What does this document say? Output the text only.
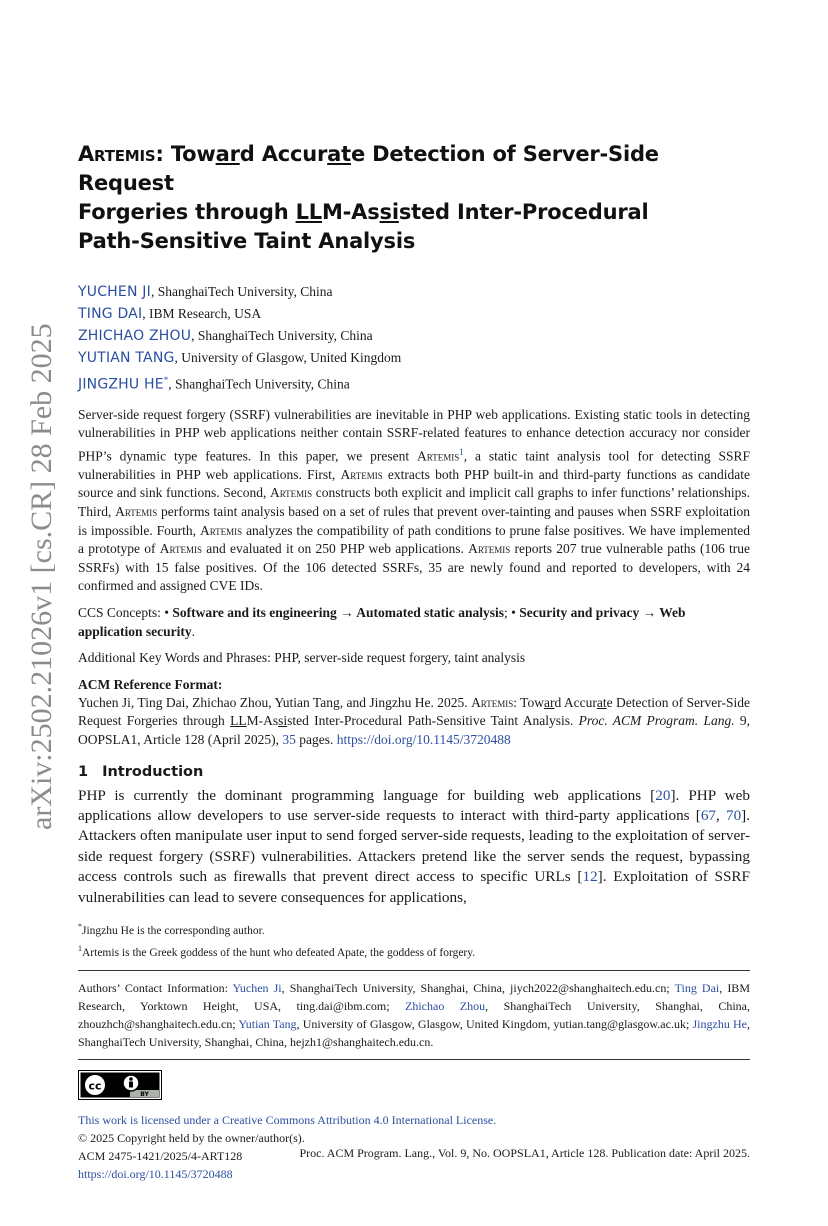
arXiv:2502.21026v1 [cs.CR] 28 Feb 2025
Artemis: Toward Accurate Detection of Server-Side Request
Forgeries through LLM-Assisted Inter-Procedural
Path-Sensitive Taint Analysis
YUCHEN JI, ShanghaiTech University, China
TING DAI, IBM Research, USA
ZHICHAO ZHOU, ShanghaiTech University, China
YUTIAN TANG, University of Glasgow, United Kingdom
JINGZHU HE*, ShanghaiTech University, China

Server-side request forgery (SSRF) vulnerabilities are inevitable in PHP web applications. Existing static tools in detecting vulnerabilities in PHP web applications neither contain SSRF-related features to enhance detection accuracy nor consider PHP’s dynamic type features. In this paper, we present Artemis$^1$, a static taint analysis tool for detecting SSRF vulnerabilities in PHP web applications. First, Artemis extracts both PHP built-in and third-party functions as candidate source and sink functions. Second, Artemis constructs both explicit and implicit call graphs to infer functions’ relationships. Third, Artemis performs taint analysis based on a set of rules that prevent over-tainting and pauses when SSRF exploitation is impossible. Fourth, Artemis analyzes the compatibility of path conditions to prune false positives. We have implemented a prototype of Artemis and evaluated it on 250 PHP web applications. Artemis reports 207 true vulnerable paths (106 true SSRFs) with 15 false positives. Of the 106 detected SSRFs, 35 are newly found and reported to developers, with 24 confirmed and assigned CVE IDs.

CCS Concepts: • Software and its engineering → Automated static analysis; • Security and privacy → Web application security.

Additional Key Words and Phrases: PHP, server-side request forgery, taint analysis

ACM Reference Format:

Yuchen Ji, Ting Dai, Zhichao Zhou, Yutian Tang, and Jingzhu He. 2025. Artemis: Toward Accurate Detection of Server-Side Request Forgeries through LLM-Assisted Inter-Procedural Path-Sensitive Taint Analysis. Proc. ACM Program. Lang. 9, OOPSLA1, Article 128 (April 2025), 35 pages. https://doi.org/10.1145/3720488

1 Introduction

PHP is currently the dominant programming language for building web applications [20]. PHP web applications allow developers to use server-side requests to interact with third-party applications [67, 70]. Attackers often manipulate user input to send forged server-side requests, leading to the exploitation of server-side request forgery (SSRF) vulnerabilities. Attackers pretend like the server sends the request, bypassing access controls such as firewalls that prevent direct access to specific URLs [12]. Exploitation of SSRF vulnerabilities can lead to severe consequences for applications,

*Jingzhu He is the corresponding author.
$^1$Artemis is the Greek goddess of the hunt who defeated Apate, the goddess of forgery.

Authors’ Contact Information: Yuchen Ji, ShanghaiTech University, Shanghai, China, jiych2022@shanghaitech.edu.cn; Ting Dai, IBM Research, Yorktown Height, USA, ting.dai@ibm.com; Zhichao Zhou, ShanghaiTech University, Shanghai, China, zhouzhch@shanghaitech.edu.cn; Yutian Tang, University of Glasgow, Glasgow, United Kingdom, yutian.tang@glasgow.ac.uk; Jingzhu He, ShanghaiTech University, Shanghai, China, hejzh1@shanghaitech.edu.cn.

cc
BY
This work is licensed under a Creative Commons Attribution 4.0 International License.
© 2025 Copyright held by the owner/author(s).
ACM 2475-1421/2025/4-ART128
https://doi.org/10.1145/3720488
Proc. ACM Program. Lang., Vol. 9, No. OOPSLA1, Article 128. Publication date: April 2025.
